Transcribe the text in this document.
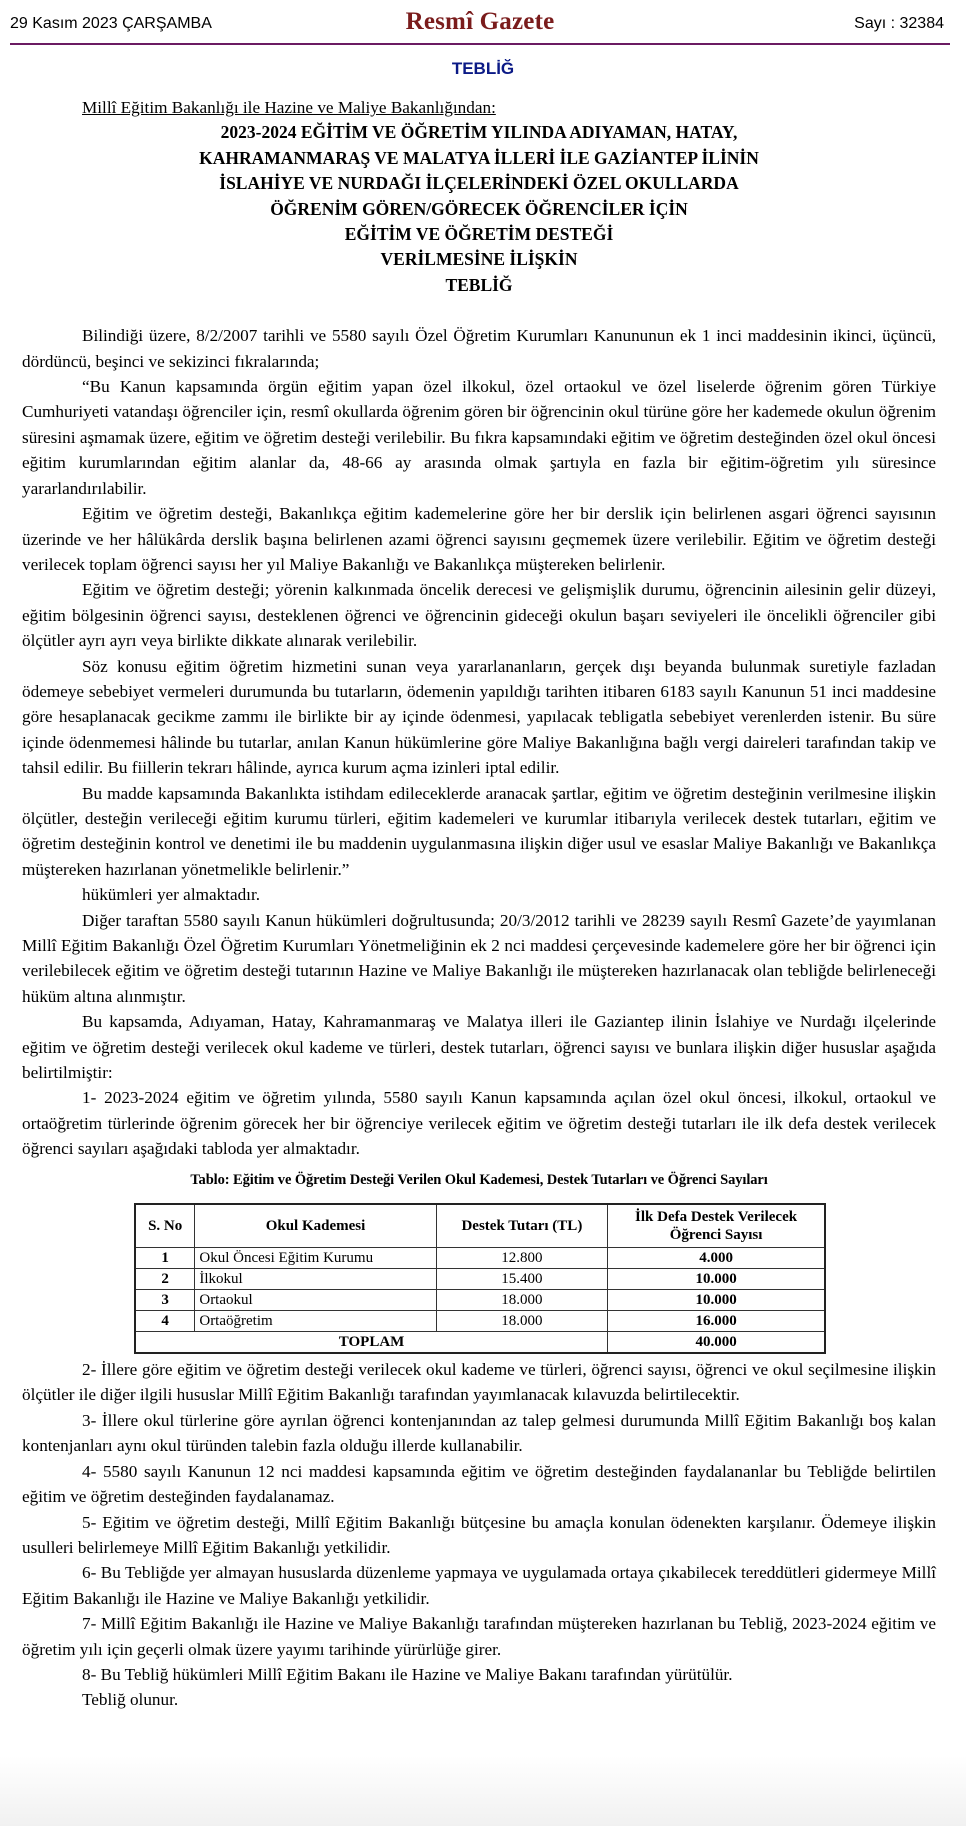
29 Kasım 2023 ÇARŞAMBA	Resmî Gazete	Sayı : 32384
TEBLİĞ
Millî Eğitim Bakanlığı ile Hazine ve Maliye Bakanlığından:
2023-2024 EĞİTİM VE ÖĞRETİM YILINDA ADIYAMAN, HATAY,
KAHRAMANMARAŞ VE MALATYA İLLERİ İLE GAZİANTEP İLİNİN
İSLAHİYE VE NURDAĞI İLÇELERİNDEKİ ÖZEL OKULLARDA
ÖĞRENİM GÖREN/GÖRECEK ÖĞRENCİLER İÇİN
EĞİTİM VE ÖĞRETİM DESTEĞİ
VERİLMESİNE İLİŞKİN
TEBLİĞ

Bilindiği üzere, 8/2/2007 tarihli ve 5580 sayılı Özel Öğretim Kurumları Kanununun ek 1 inci maddesinin ikinci, üçüncü, dördüncü, beşinci ve sekizinci fıkralarında;

“Bu Kanun kapsamında örgün eğitim yapan özel ilkokul, özel ortaokul ve özel liselerde öğrenim gören Türkiye Cumhuriyeti vatandaşı öğrenciler için, resmî okullarda öğrenim gören bir öğrencinin okul türüne göre her kademede okulun öğrenim süresini aşmamak üzere, eğitim ve öğretim desteği verilebilir. Bu fıkra kapsamındaki eğitim ve öğretim desteğinden özel okul öncesi eğitim kurumlarından eğitim alanlar da, 48-66 ay arasında olmak şartıyla en fazla bir eğitim-öğretim yılı süresince yararlandırılabilir.

Eğitim ve öğretim desteği, Bakanlıkça eğitim kademelerine göre her bir derslik için belirlenen asgari öğrenci sayısının üzerinde ve her hâlükârda derslik başına belirlenen azami öğrenci sayısını geçmemek üzere verilebilir. Eğitim ve öğretim desteği verilecek toplam öğrenci sayısı her yıl Maliye Bakanlığı ve Bakanlıkça müştereken belirlenir.

Eğitim ve öğretim desteği; yörenin kalkınmada öncelik derecesi ve gelişmişlik durumu, öğrencinin ailesinin gelir düzeyi, eğitim bölgesinin öğrenci sayısı, desteklenen öğrenci ve öğrencinin gideceği okulun başarı seviyeleri ile öncelikli öğrenciler gibi ölçütler ayrı ayrı veya birlikte dikkate alınarak verilebilir.

Söz konusu eğitim öğretim hizmetini sunan veya yararlananların, gerçek dışı beyanda bulunmak suretiyle fazladan ödemeye sebebiyet vermeleri durumunda bu tutarların, ödemenin yapıldığı tarihten itibaren 6183 sayılı Kanunun 51 inci maddesine göre hesaplanacak gecikme zammı ile birlikte bir ay içinde ödenmesi, yapılacak tebligatla sebebiyet verenlerden istenir. Bu süre içinde ödenmemesi hâlinde bu tutarlar, anılan Kanun hükümlerine göre Maliye Bakanlığına bağlı vergi daireleri tarafından takip ve tahsil edilir. Bu fiillerin tekrarı hâlinde, ayrıca kurum açma izinleri iptal edilir.

Bu madde kapsamında Bakanlıkta istihdam edileceklerde aranacak şartlar, eğitim ve öğretim desteğinin verilmesine ilişkin ölçütler, desteğin verileceği eğitim kurumu türleri, eğitim kademeleri ve kurumlar itibarıyla verilecek destek tutarları, eğitim ve öğretim desteğinin kontrol ve denetimi ile bu maddenin uygulanmasına ilişkin diğer usul ve esaslar Maliye Bakanlığı ve Bakanlıkça müştereken hazırlanan yönetmelikle belirlenir.”

hükümleri yer almaktadır.

Diğer taraftan 5580 sayılı Kanun hükümleri doğrultusunda; 20/3/2012 tarihli ve 28239 sayılı Resmî Gazete’de yayımlanan Millî Eğitim Bakanlığı Özel Öğretim Kurumları Yönetmeliğinin ek 2 nci maddesi çerçevesinde kademelere göre her bir öğrenci için verilebilecek eğitim ve öğretim desteği tutarının Hazine ve Maliye Bakanlığı ile müştereken hazırlanacak olan tebliğde belirleneceği hüküm altına alınmıştır.

Bu kapsamda, Adıyaman, Hatay, Kahramanmaraş ve Malatya illeri ile Gaziantep ilinin İslahiye ve Nurdağı ilçelerinde eğitim ve öğretim desteği verilecek okul kademe ve türleri, destek tutarları, öğrenci sayısı ve bunlara ilişkin diğer hususlar aşağıda belirtilmiştir:

1- 2023-2024 eğitim ve öğretim yılında, 5580 sayılı Kanun kapsamında açılan özel okul öncesi, ilkokul, ortaokul ve ortaöğretim türlerinde öğrenim görecek her bir öğrenciye verilecek eğitim ve öğretim desteği tutarları ile ilk defa destek verilecek öğrenci sayıları aşağıdaki tabloda yer almaktadır.

Tablo: Eğitim ve Öğretim Desteği Verilen Okul Kademesi, Destek Tutarları ve Öğrenci Sayıları
S. No	Okul Kademesi	Destek Tutarı (TL)	İlk Defa Destek Verilecek Öğrenci Sayısı
1	Okul Öncesi Eğitim Kurumu	12.800	4.000
2	İlkokul	15.400	10.000
3	Ortaokul	18.000	10.000
4	Ortaöğretim	18.000	16.000
TOPLAM			40.000

2- İllere göre eğitim ve öğretim desteği verilecek okul kademe ve türleri, öğrenci sayısı, öğrenci ve okul seçilmesine ilişkin ölçütler ile diğer ilgili hususlar Millî Eğitim Bakanlığı tarafından yayımlanacak kılavuzda belirtilecektir.

3- İllere okul türlerine göre ayrılan öğrenci kontenjanından az talep gelmesi durumunda Millî Eğitim Bakanlığı boş kalan kontenjanları aynı okul türünden talebin fazla olduğu illerde kullanabilir.

4- 5580 sayılı Kanunun 12 nci maddesi kapsamında eğitim ve öğretim desteğinden faydalananlar bu Tebliğde belirtilen eğitim ve öğretim desteğinden faydalanamaz.

5- Eğitim ve öğretim desteği, Millî Eğitim Bakanlığı bütçesine bu amaçla konulan ödenekten karşılanır. Ödemeye ilişkin usulleri belirlemeye Millî Eğitim Bakanlığı yetkilidir.

6- Bu Tebliğde yer almayan hususlarda düzenleme yapmaya ve uygulamada ortaya çıkabilecek tereddütleri gidermeye Millî Eğitim Bakanlığı ile Hazine ve Maliye Bakanlığı yetkilidir.

7- Millî Eğitim Bakanlığı ile Hazine ve Maliye Bakanlığı tarafından müştereken hazırlanan bu Tebliğ, 2023-2024 eğitim ve öğretim yılı için geçerli olmak üzere yayımı tarihinde yürürlüğe girer.

8- Bu Tebliğ hükümleri Millî Eğitim Bakanı ile Hazine ve Maliye Bakanı tarafından yürütülür.

Tebliğ olunur.
